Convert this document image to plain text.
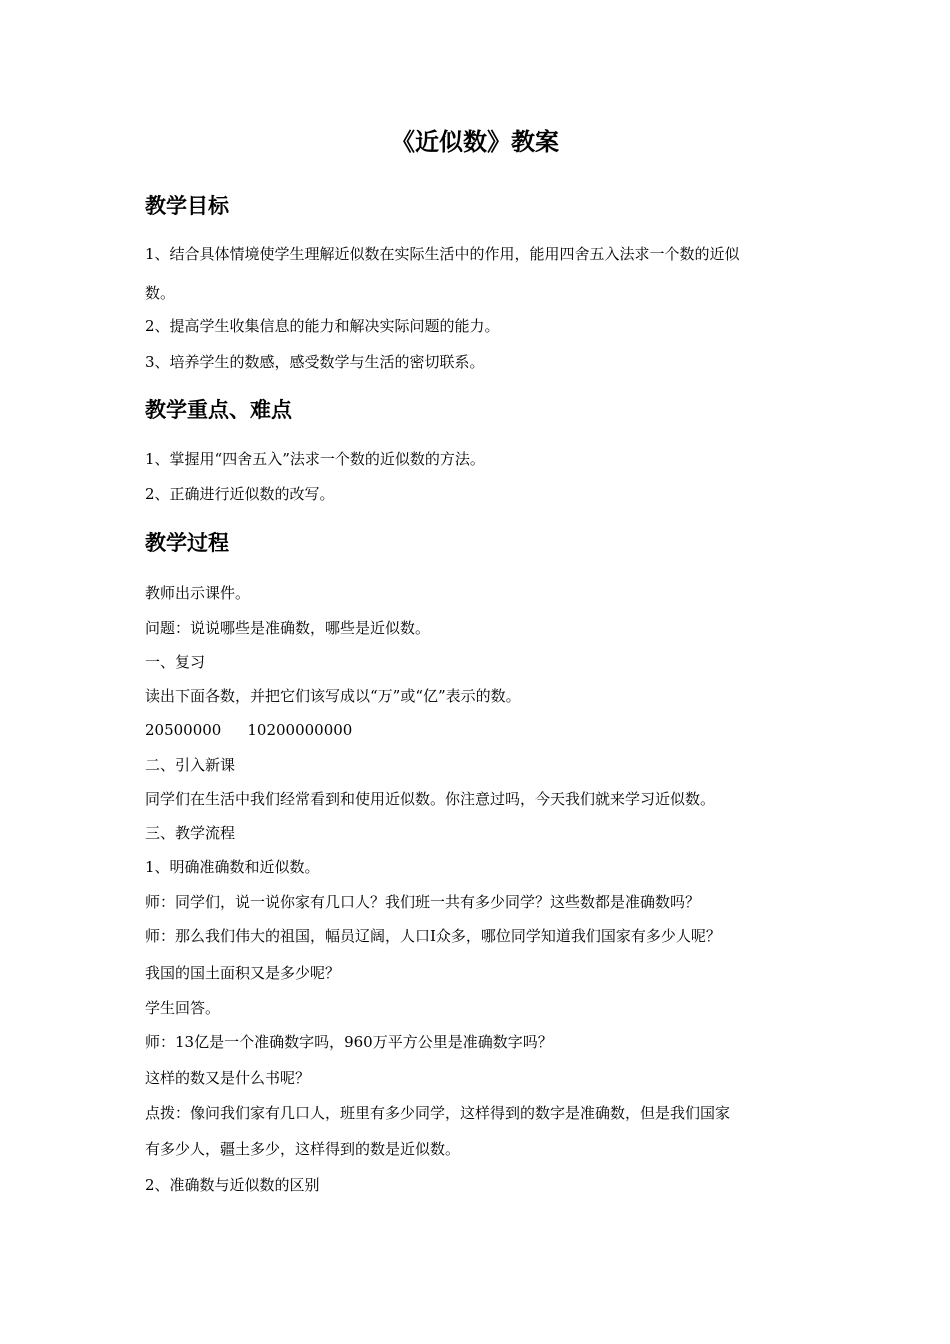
《近似数》教案
教学目标
1、结合具体情境使学生理解近似数在实际生活中的作用，能用四舍五入法求一个数的近似
数。
2、提高学生收集信息的能力和解决实际问题的能力。
3、培养学生的数感，感受数学与生活的密切联系。
教学重点、难点
1、掌握用“四舍五入”法求一个数的近似数的方法。
2、正确进行近似数的改写。
教学过程
教师出示课件。
问题：说说哪些是准确数，哪些是近似数。
一、复习
读出下面各数，并把它们该写成以“万”或“亿”表示的数。
20500000 10200000000
二、引入新课
同学们在生活中我们经常看到和使用近似数。你注意过吗，今天我们就来学习近似数。
三、教学流程
1、明确准确数和近似数。
师：同学们，说一说你家有几口人？我们班一共有多少同学？这些数都是准确数吗？
师：那么我们伟大的祖国，幅员辽阔，人口I众多，哪位同学知道我们国家有多少人呢？
我国的国土面积又是多少呢？
学生回答。
师：13亿是一个准确数字吗，960万平方公里是准确数字吗？
这样的数又是什么书呢？
点拨：像问我们家有几口人，班里有多少同学，这样得到的数字是准确数，但是我们国家
有多少人，疆土多少，这样得到的数是近似数。
2、准确数与近似数的区别
